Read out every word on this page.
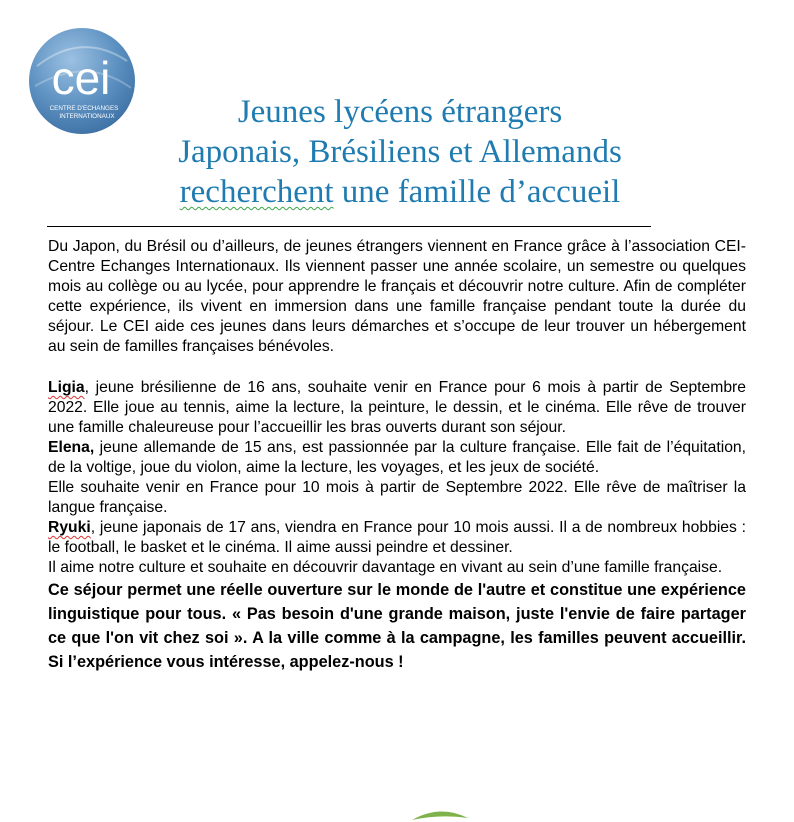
cei
CENTRE D'ECHANGES
INTERNATIONAUX	Jeunes lycéens étrangers
Japonais, Brésiliens et Allemands
recherchent une famille d’accueil

Du Japon, du Brésil ou d’ailleurs, de jeunes étrangers viennent en France grâce à l’association CEI-Centre Echanges Internationaux. Ils viennent passer une année scolaire, un semestre ou quelques mois au collège ou au lycée, pour apprendre le français et découvrir notre culture. Afin de compléter cette expérience, ils vivent en immersion dans une famille française pendant toute la durée du séjour. Le CEI aide ces jeunes dans leurs démarches et s’occupe de leur trouver un hébergement au sein de familles françaises bénévoles.

Ligia, jeune brésilienne de 16 ans, souhaite venir en France pour 6 mois à partir de Septembre 2022. Elle joue au tennis, aime la lecture, la peinture, le dessin, et le cinéma. Elle rêve de trouver une famille chaleureuse pour l’accueillir les bras ouverts durant son séjour.

Elena, jeune allemande de 15 ans, est passionnée par la culture française. Elle fait de l’équitation, de la voltige, joue du violon, aime la lecture, les voyages, et les jeux de société.

Elle souhaite venir en France pour 10 mois à partir de Septembre 2022. Elle rêve de maîtriser la langue française.

Ryuki, jeune japonais de 17 ans, viendra en France pour 10 mois aussi. Il a de nombreux hobbies : le football, le basket et le cinéma. Il aime aussi peindre et dessiner.

Il aime notre culture et souhaite en découvrir davantage en vivant au sein d’une famille française.

Ce séjour permet une réelle ouverture sur le monde de l'autre et constitue une expérience linguistique pour tous. « Pas besoin d'une grande maison, juste l'envie de faire partager ce que l'on vit chez soi ». A la ville comme à la campagne, les familles peuvent accueillir. Si l’expérience vous intéresse, appelez-nous !
